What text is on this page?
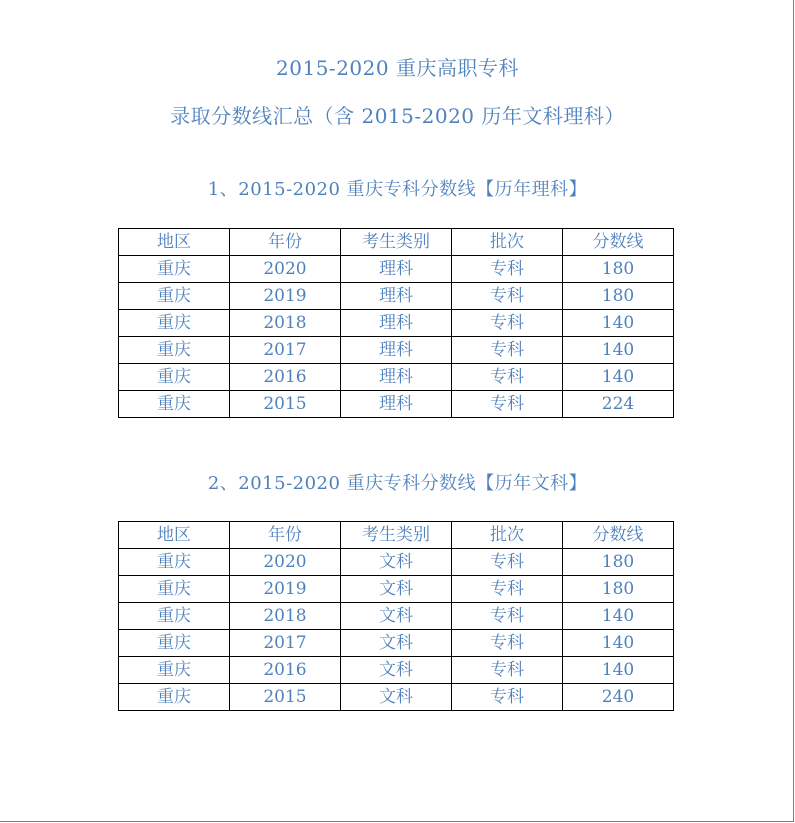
2015-2020 重庆高职专科
录取分数线汇总（含 2015-2020 历年文科理科）
1、2015-2020 重庆专科分数线【历年理科】
地区	年份	考生类别	批次	分数线
重庆	2020	理科	专科	180
重庆	2019	理科	专科	180
重庆	2018	理科	专科	140
重庆	2017	理科	专科	140
重庆	2016	理科	专科	140
重庆	2015	理科	专科	224
2、2015-2020 重庆专科分数线【历年文科】
地区	年份	考生类别	批次	分数线
重庆	2020	文科	专科	180
重庆	2019	文科	专科	180
重庆	2018	文科	专科	140
重庆	2017	文科	专科	140
重庆	2016	文科	专科	140
重庆	2015	文科	专科	240
